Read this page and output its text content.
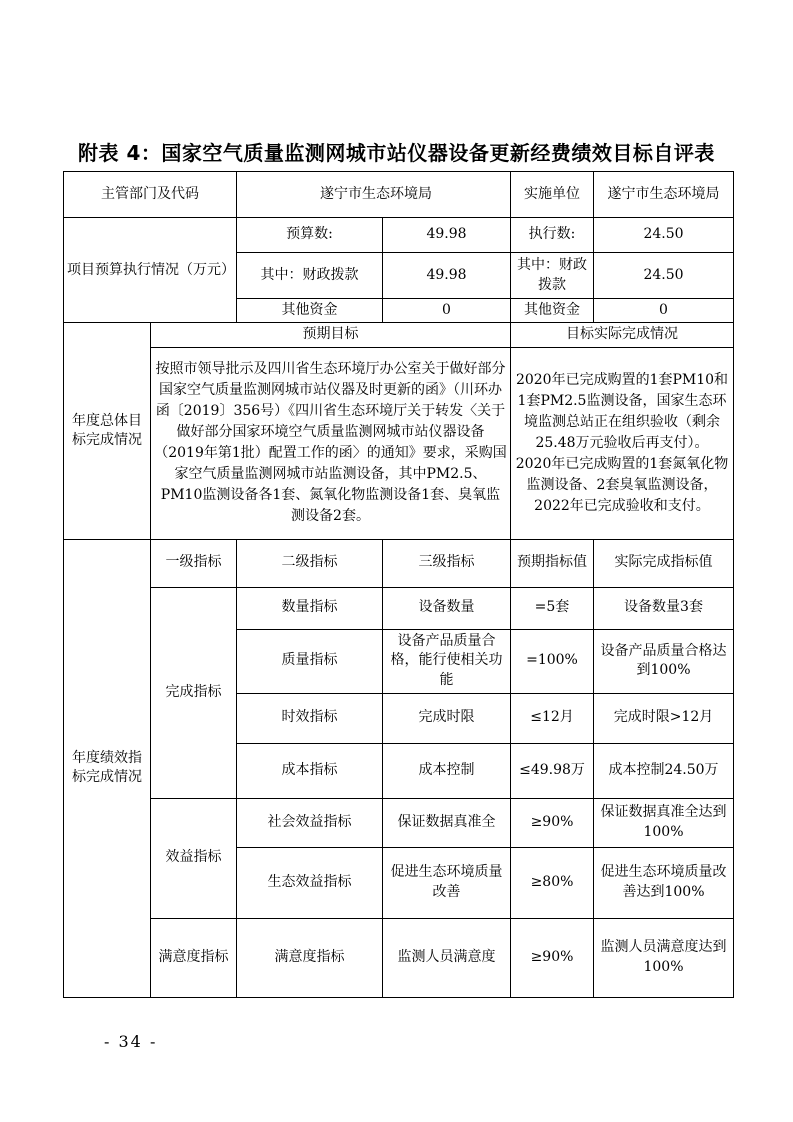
附表 4：国家空气质量监测网城市站仪器设备更新经费绩效目标自评表
主管部门及代码		遂宁市生态环境局		实施单位	遂宁市生态环境局
项目预算执行情况（万元）		预算数:	49.98	执行数:	24.50
		其中：财政拨款	49.98	其中：财政拨款	24.50
		其他资金	0	其他资金	0
年度总体目标完成情况	预期目标			目标实际完成情况	
	按照市领导批示及四川省生态环境厅办公室关于做好部分国家空气质量监测网城市站仪器及时更新的函》（川环办函〔2019〕356号）《四川省生态环境厅关于转发〈关于做好部分国家环境空气质量监测网城市站仪器设备（2019年第1批）配置工作的函〉的通知》要求，采购国家空气质量监测网城市站监测设备，其中PM2.5、PM10监测设备各1套、氮氧化物监测设备1套、臭氧监测设备2套。			2020年已完成购置的1套PM10和1套PM2.5监测设备，国家生态环境监测总站正在组织验收（剩余25.48万元验收后再支付）。
2020年已完成购置的1套氮氧化物监测设备、2套臭氧监测设备，2022年已完成验收和支付。	

年度绩效指标完成情况	一级指标	二级指标	三级指标	预期指标值	实际完成指标值
	完成指标	数量指标	设备数量	=5套	设备数量3套
		质量指标	设备产品质量合格，能行使相关功能	=100%	设备产品质量合格达到100%
		时效指标	完成时限	≤12月	完成时限>12月
		成本指标	成本控制	≤49.98万	成本控制24.50万
	效益指标	社会效益指标	保证数据真准全	≥90%	保证数据真准全达到100%
		生态效益指标	促进生态环境质量改善	≥80%	促进生态环境质量改善达到100%
	满意度指标	满意度指标	监测人员满意度	≥90%	监测人员满意度达到100%
- 34 -
